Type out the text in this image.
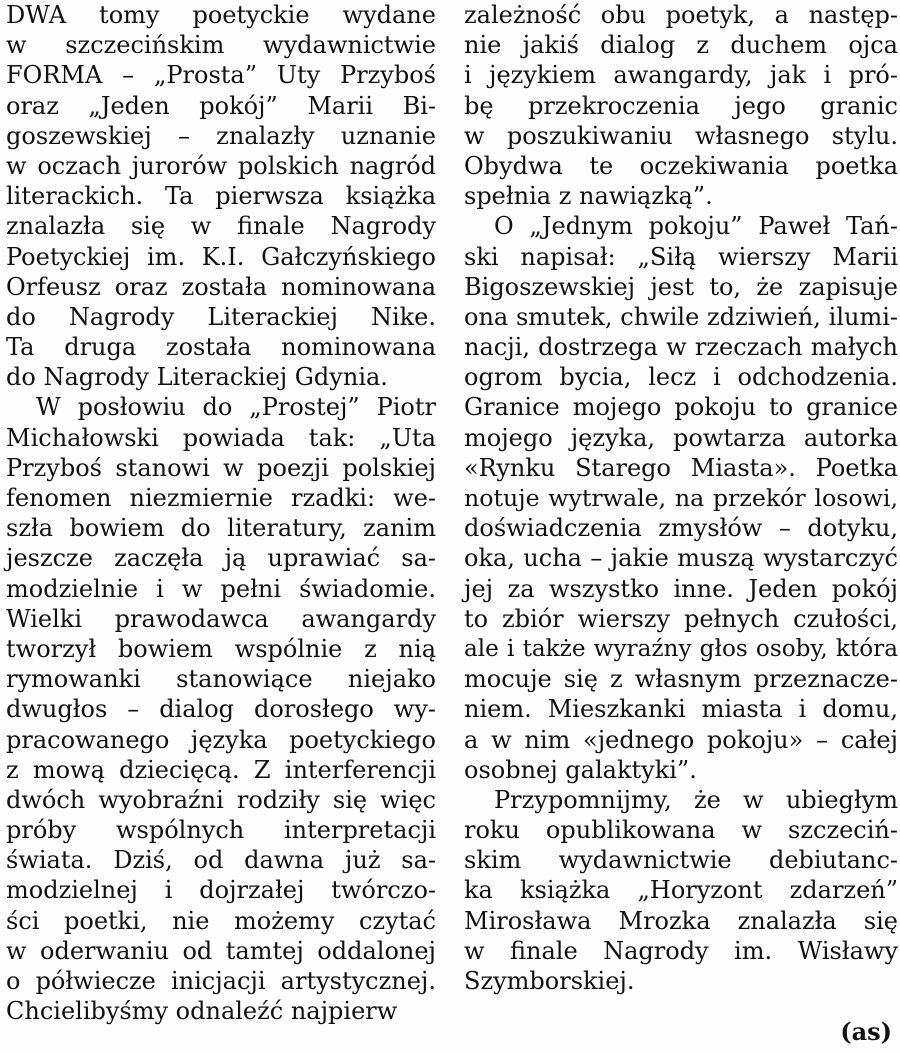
DWA tomy poetyckie wydane
w szczecińskim wydawnictwie
FORMA – „Prosta” Uty Przyboś
oraz „Jeden pokój” Marii Bi-
goszewskiej – znalazły uznanie
w oczach jurorów polskich nagród
literackich. Ta pierwsza książka
znalazła się w finale Nagrody
Poetyckiej im. K.I. Gałczyńskiego
Orfeusz oraz została nominowana
do Nagrody Literackiej Nike.
Ta druga została nominowana
do Nagrody Literackiej Gdynia.
W posłowiu do „Prostej” Piotr
Michałowski powiada tak: „Uta
Przyboś stanowi w poezji polskiej
fenomen niezmiernie rzadki: we-
szła bowiem do literatury, zanim
jeszcze zaczęła ją uprawiać sa-
modzielnie i w pełni świadomie.
Wielki prawodawca awangardy
tworzył bowiem wspólnie z nią
rymowanki stanowiące niejako
dwugłos – dialog dorosłego wy-
pracowanego języka poetyckiego
z mową dziecięcą. Z interferencji
dwóch wyobraźni rodziły się więc
próby wspólnych interpretacji
świata. Dziś, od dawna już sa-
modzielnej i dojrzałej twórczo-
ści poetki, nie możemy czytać
w oderwaniu od tamtej oddalonej
o półwiecze inicjacji artystycznej.
Chcielibyśmy odnaleźć najpierw
zależność obu poetyk, a następ-
nie jakiś dialog z duchem ojca
i językiem awangardy, jak i pró-
bę przekroczenia jego granic
w poszukiwaniu własnego stylu.
Obydwa te oczekiwania poetka
spełnia z nawiązką”.
O „Jednym pokoju” Paweł Tań-
ski napisał: „Siłą wierszy Marii
Bigoszewskiej jest to, że zapisuje
ona smutek, chwile zdziwień, ilumi-
nacji, dostrzega w rzeczach małych
ogrom bycia, lecz i odchodzenia.
Granice mojego pokoju to granice
mojego języka, powtarza autorka
«Rynku Starego Miasta». Poetka
notuje wytrwale, na przekór losowi,
doświadczenia zmysłów – dotyku,
oka, ucha – jakie muszą wystarczyć
jej za wszystko inne. Jeden pokój
to zbiór wierszy pełnych czułości,
ale i także wyraźny głos osoby, która
mocuje się z własnym przeznacze-
niem. Mieszkanki miasta i domu,
a w nim «jednego pokoju» – całej
osobnej galaktyki”.
Przypomnijmy, że w ubiegłym
roku opublikowana w szczeciń-
skim wydawnictwie debiutanc-
ka książka „Horyzont zdarzeń”
Mirosława Mrozka znalazła się
w finale Nagrody im. Wisławy
Szymborskiej.
(as)
